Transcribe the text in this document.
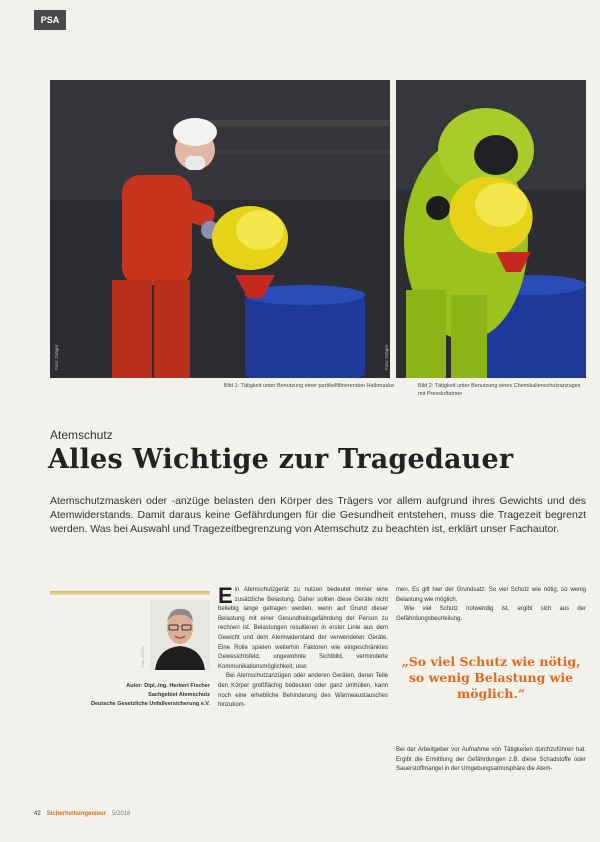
PSA
Foto: Dräger	Foto: Dräger
Bild 1: Tätigkeit unter Benutzung einer partikelfiltrierenden Halbmaske	Bild 2: Tätigkeit unter Benutzung eines Chemikalienschutzanzuges mit Pressluftatmer
Atemschutz
Alles Wichtige zur Tragedauer

Atemschutzmasken oder -anzüge belasten den Körper des Trägers vor allem aufgrund ihres Gewichts und des Atemwiderstands. Damit daraus keine Gefährdungen für die Gesundheit entstehen, muss die Tragezeit begrenzt werden. Was bei Auswahl und Tragezeitbegrenzung von Atemschutz zu beachten ist, erklärt unser Fachautor.

Foto: DGUV
Autor: Dipl.-Ing. Herbert Fischer
Sachgebiet Atemschutz
Deutsche Gesetzliche Unfallversicherung e.V.
Ein Atemschutzgerät zu nutzen bedeutet immer eine zusätzliche Belastung. Daher sollten diese Geräte nicht beliebig lange getragen werden, wenn auf Grund dieser Belastung mit einer Gesundheitsgefährdung der Person zu rechnen ist. Belastungen resultieren in erster Linie aus dem Gewicht und dem Atemwiderstand der verwendeten Geräte. Eine Rolle spielen weiterhin Faktoren wie eingeschränktes Gewesichtsfeld, ungewohnte Sichtbild, verminderte Kommunikationsmöglichkeit, usw.
Bei Atemschutzanzügen oder anderen Geräten, deren Teile den Körper großflächig bedecken oder ganz umhüllen, kann noch eine erhebliche Behinderung des Wärmeaustausches hinzukom-
men. Es gilt hier der Grundsatz: So viel Schutz wie nötig, so wenig Belastung wie möglich.
Wie viel Schutz notwendig ist, ergibt sich aus der Gefährdungsbeurteilung.
„So viel Schutz wie nötig, so wenig Belastung wie möglich.“
Bei der Arbeitgeber vor Aufnahme von Tätigkeiten durchzuführen hat. Ergibt die Ermittlung der Gefährdungen z.B. diese Schadstoffe oder Sauerstoffmangel in der Umgebungsatmosphäre die Atem-
42 Sicherheitsingenieur 5/2016
